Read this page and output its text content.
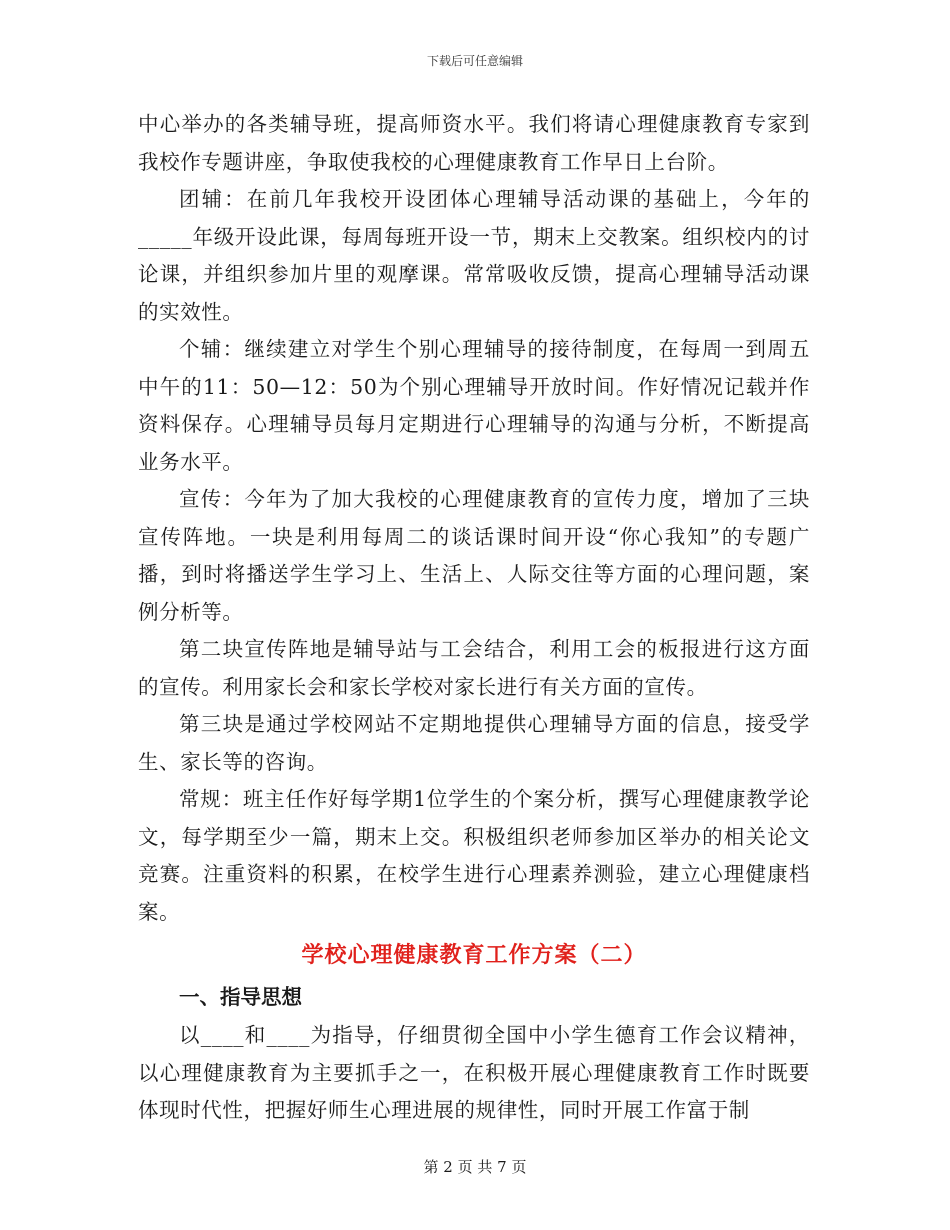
下载后可任意编辑

中心举办的各类辅导班，提高师资水平。我们将请心理健康教育专家到我校作专题讲座，争取使我校的心理健康教育工作早日上台阶。

团辅：在前几年我校开设团体心理辅导活动课的基础上，今年的_____年级开设此课，每周每班开设一节，期末上交教案。组织校内的讨论课，并组织参加片里的观摩课。常常吸收反馈，提高心理辅导活动课的实效性。

个辅：继续建立对学生个别心理辅导的接待制度，在每周一到周五中午的11：50—12：50为个别心理辅导开放时间。作好情况记载并作资料保存。心理辅导员每月定期进行心理辅导的沟通与分析，不断提高业务水平。

宣传：今年为了加大我校的心理健康教育的宣传力度，增加了三块宣传阵地。一块是利用每周二的谈话课时间开设“你心我知”的专题广播，到时将播送学生学习上、生活上、人际交往等方面的心理问题，案例分析等。

第二块宣传阵地是辅导站与工会结合，利用工会的板报进行这方面的宣传。利用家长会和家长学校对家长进行有关方面的宣传。

第三块是通过学校网站不定期地提供心理辅导方面的信息，接受学生、家长等的咨询。

常规：班主任作好每学期1位学生的个案分析，撰写心理健康教学论文，每学期至少一篇，期末上交。积极组织老师参加区举办的相关论文竞赛。注重资料的积累，在校学生进行心理素养测验，建立心理健康档案。

学校心理健康教育工作方案（二）

一、指导思想

以____和____为指导，仔细贯彻全国中小学生德育工作会议精神，以心理健康教育为主要抓手之一，在积极开展心理健康教育工作时既要体现时代性，把握好师生心理进展的规律性，同时开展工作富于制

第 2 页 共 7 页
